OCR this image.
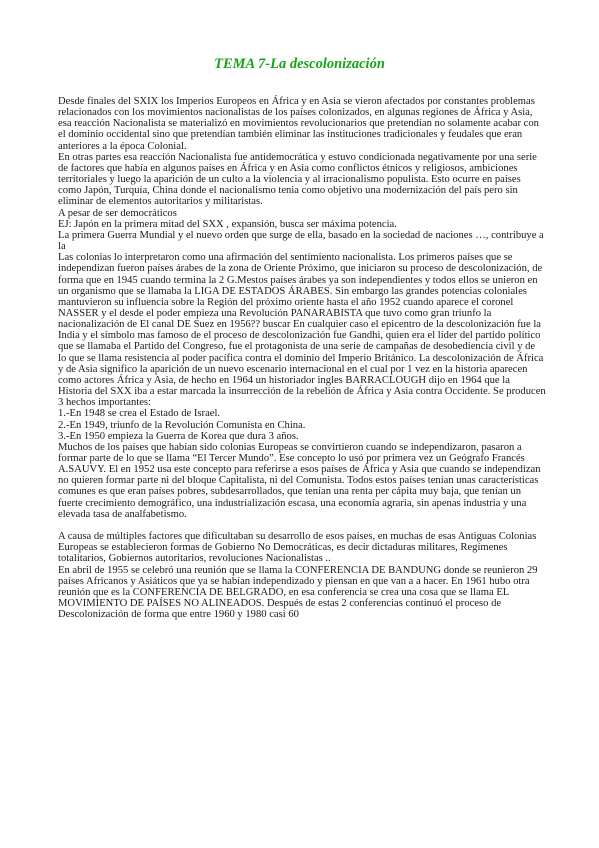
TEMA 7-La descolonización

Desde finales del SXIX los Imperios Europeos en África y en Asia se vieron afectados por constantes problemas relacionados con los movimientos nacionalistas de los países colonizados, en algunas regiones de África y Asia, esa reacción Nacionalista se materializó en movimientos revolucionarios que pretendían no solamente acabar con el dominio occidental sino que pretendían también eliminar las instituciones tradicionales y feudales que eran anteriores a la época Colonial.

En otras partes esa reacción Nacionalista fue antidemocrática y estuvo condicionada negativamente por una serie de factores que había en algunos países en África y en Asia como conflictos étnicos y religiosos, ambiciones territoriales y luego la aparición de un culto a la violencia y al irracionalismo populista. Esto ocurre en países como Japón, Turquía, China donde el nacionalismo tenia como objetivo una modernización del país pero sin eliminar de elementos autoritarios y militaristas.

A pesar de ser democráticos

EJ: Japón en la primera mitad del SXX , expansión, busca ser máxima potencia.

La primera Guerra Mundial y el nuevo orden que surge de ella, basado en la sociedad de naciones …, contribuye a la

Las colonias lo interpretaron como una afirmación del sentimiento nacionalista. Los primeros países que se independizan fueron países árabes de la zona de Oriente Próximo, que iniciaron su proceso de descolonización, de forma que en 1945 cuando termina la 2 G.Mestos países árabes ya son independientes y todos ellos se unieron en un organismo que se llamaba la LIGA DE ESTADOS ÁRABES. Sin embargo las grandes potencias coloniales mantuvieron su influencia sobre la Región del próximo oriente hasta el año 1952 cuando aparece el coronel NASSER y el desde el poder empieza una Revolución PANARABISTA que tuvo como gran triunfo la nacionalización de El canal DE Suez en 1956?? buscar En cualquier caso el epicentro de la descolonización fue la India y el símbolo mas famoso de el proceso de descolonización fue Gandhi, quien era el líder del partido político que se llamaba el Partido del Congreso, fue el protagonista de una serie de campañas de desobediencia civil y de lo que se llama resistencia al poder pacífica contra el dominio del Imperio Británico. La descolonización de África y de Asia significo la aparición de un nuevo escenario internacional en el cual por 1 vez en la historia aparecen como actores África y Asia, de hecho en 1964 un historiador ingles BARRACLOUGH dijo en 1964 que la Historia del SXX iba a estar marcada la insurrección de la rebelión de África y Asia contra Occidente. Se producen 3 hechos importantes:

1.-En 1948 se crea el Estado de Israel.

2.-En 1949, triunfo de la Revolución Comunista en China.

3.-En 1950 empieza la Guerra de Korea que dura 3 años.

Muchos de los países que habían sido colonias Europeas se convirtieron cuando se independizaron, pasaron a formar parte de lo que se llama “El Tercer Mundo”. Ese concepto lo usó por primera vez un Geógrafo Francés A.SAUVY. El en 1952 usa este concepto para referirse a esos países de África y Asia que cuando se independizan no quieren formar parte ni del bloque Capitalista, ni del Comunista. Todos estos países tenían unas características comunes es que eran países pobres, subdesarrollados, que tenían una renta per cápita muy baja, que tenían un fuerte crecimiento demográfico, una industrialización escasa, una economía agraria, sin apenas industria y una elevada tasa de analfabetismo.

A causa de múltiples factores que dificultaban su desarrollo de esos países, en muchas de esas Antiguas Colonias Europeas se establecieron formas de Gobierno No Democráticas, es decir dictaduras militares, Regímenes totalitarios, Gobiernos autoritarios, revoluciones Nacionalistas ..

En abril de 1955 se celebró una reunión que se llama la CONFERENCIA DE BANDUNG donde se reunieron 29 países Africanos y Asiáticos que ya se habían independizado y piensan en que van a a hacer. En 1961 hubo otra reunión que es la CONFERENCIA DE BELGRADO, en esa conferencia se crea una cosa que se llama EL MOVIMIENTO DE PAÍSES NO ALINEADOS. Después de estas 2 conferencias continuó el proceso de Descolonización de forma que entre 1960 y 1980 casi 60
